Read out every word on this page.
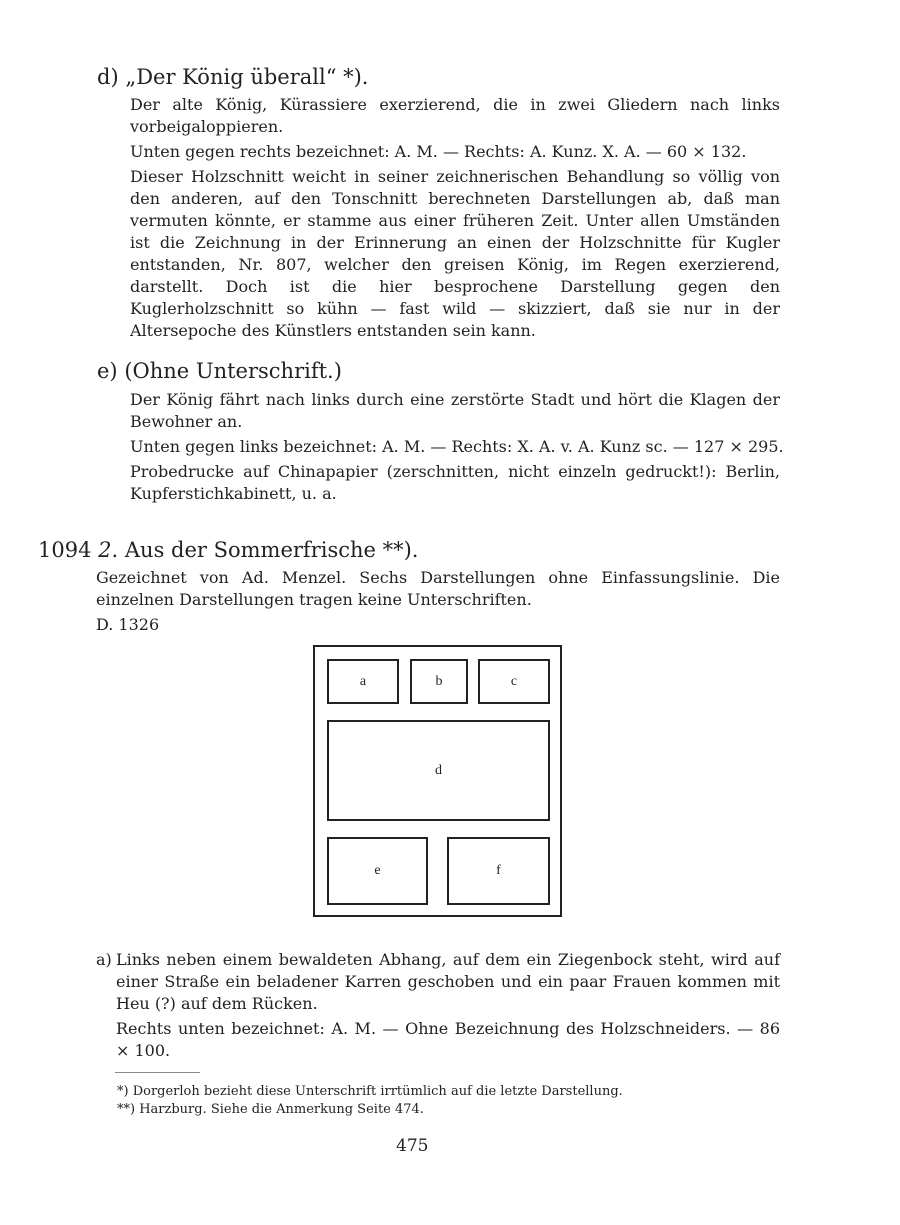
d) „Der König überall“ *).

Der alte König, Kürassiere exerzierend, die in zwei Gliedern nach links vorbeigaloppieren.

Unten gegen rechts bezeichnet: A. M. — Rechts: A. Kunz. X. A. — 60 × 132.

Dieser Holzschnitt weicht in seiner zeichnerischen Behandlung so völlig von den anderen, auf den Tonschnitt berechneten Darstellungen ab, daß man vermuten könnte, er stamme aus einer früheren Zeit. Unter allen Umständen ist die Zeichnung in der Erinnerung an einen der Holzschnitte für Kugler entstanden, Nr. 807, welcher den greisen König, im Regen exerzierend, darstellt. Doch ist die hier besprochene Darstellung gegen den Kuglerholzschnitt so kühn — fast wild — skizziert, daß sie nur in der Altersepoche des Künstlers entstanden sein kann.

e) (Ohne Unterschrift.)

Der König fährt nach links durch eine zerstörte Stadt und hört die Klagen der Bewohner an.

Unten gegen links bezeichnet: A. M. — Rechts: X. A. v. A. Kunz sc. — 127 × 295.

Probedrucke auf Chinapapier (zerschnitten, nicht einzeln gedruckt!): Berlin, Kupferstichkabinett, u. a.

1094 2. Aus der Sommerfrische **).

Gezeichnet von Ad. Menzel. Sechs Darstellungen ohne Einfassungslinie. Die einzelnen Darstellungen tragen keine Unterschriften.

D. 1326

a	b	c
d
e	f
a) Links neben einem bewaldeten Abhang, auf dem ein Ziegenbock steht, wird auf einer Straße ein beladener Karren geschoben und ein paar Frauen kommen mit Heu (?) auf dem Rücken.

Rechts unten bezeichnet: A. M. — Ohne Bezeichnung des Holzschneiders. — 86 × 100.

*) Dorgerloh bezieht diese Unterschrift irrtümlich auf die letzte Darstellung.
**) Harzburg. Siehe die Anmerkung Seite 474.
475
